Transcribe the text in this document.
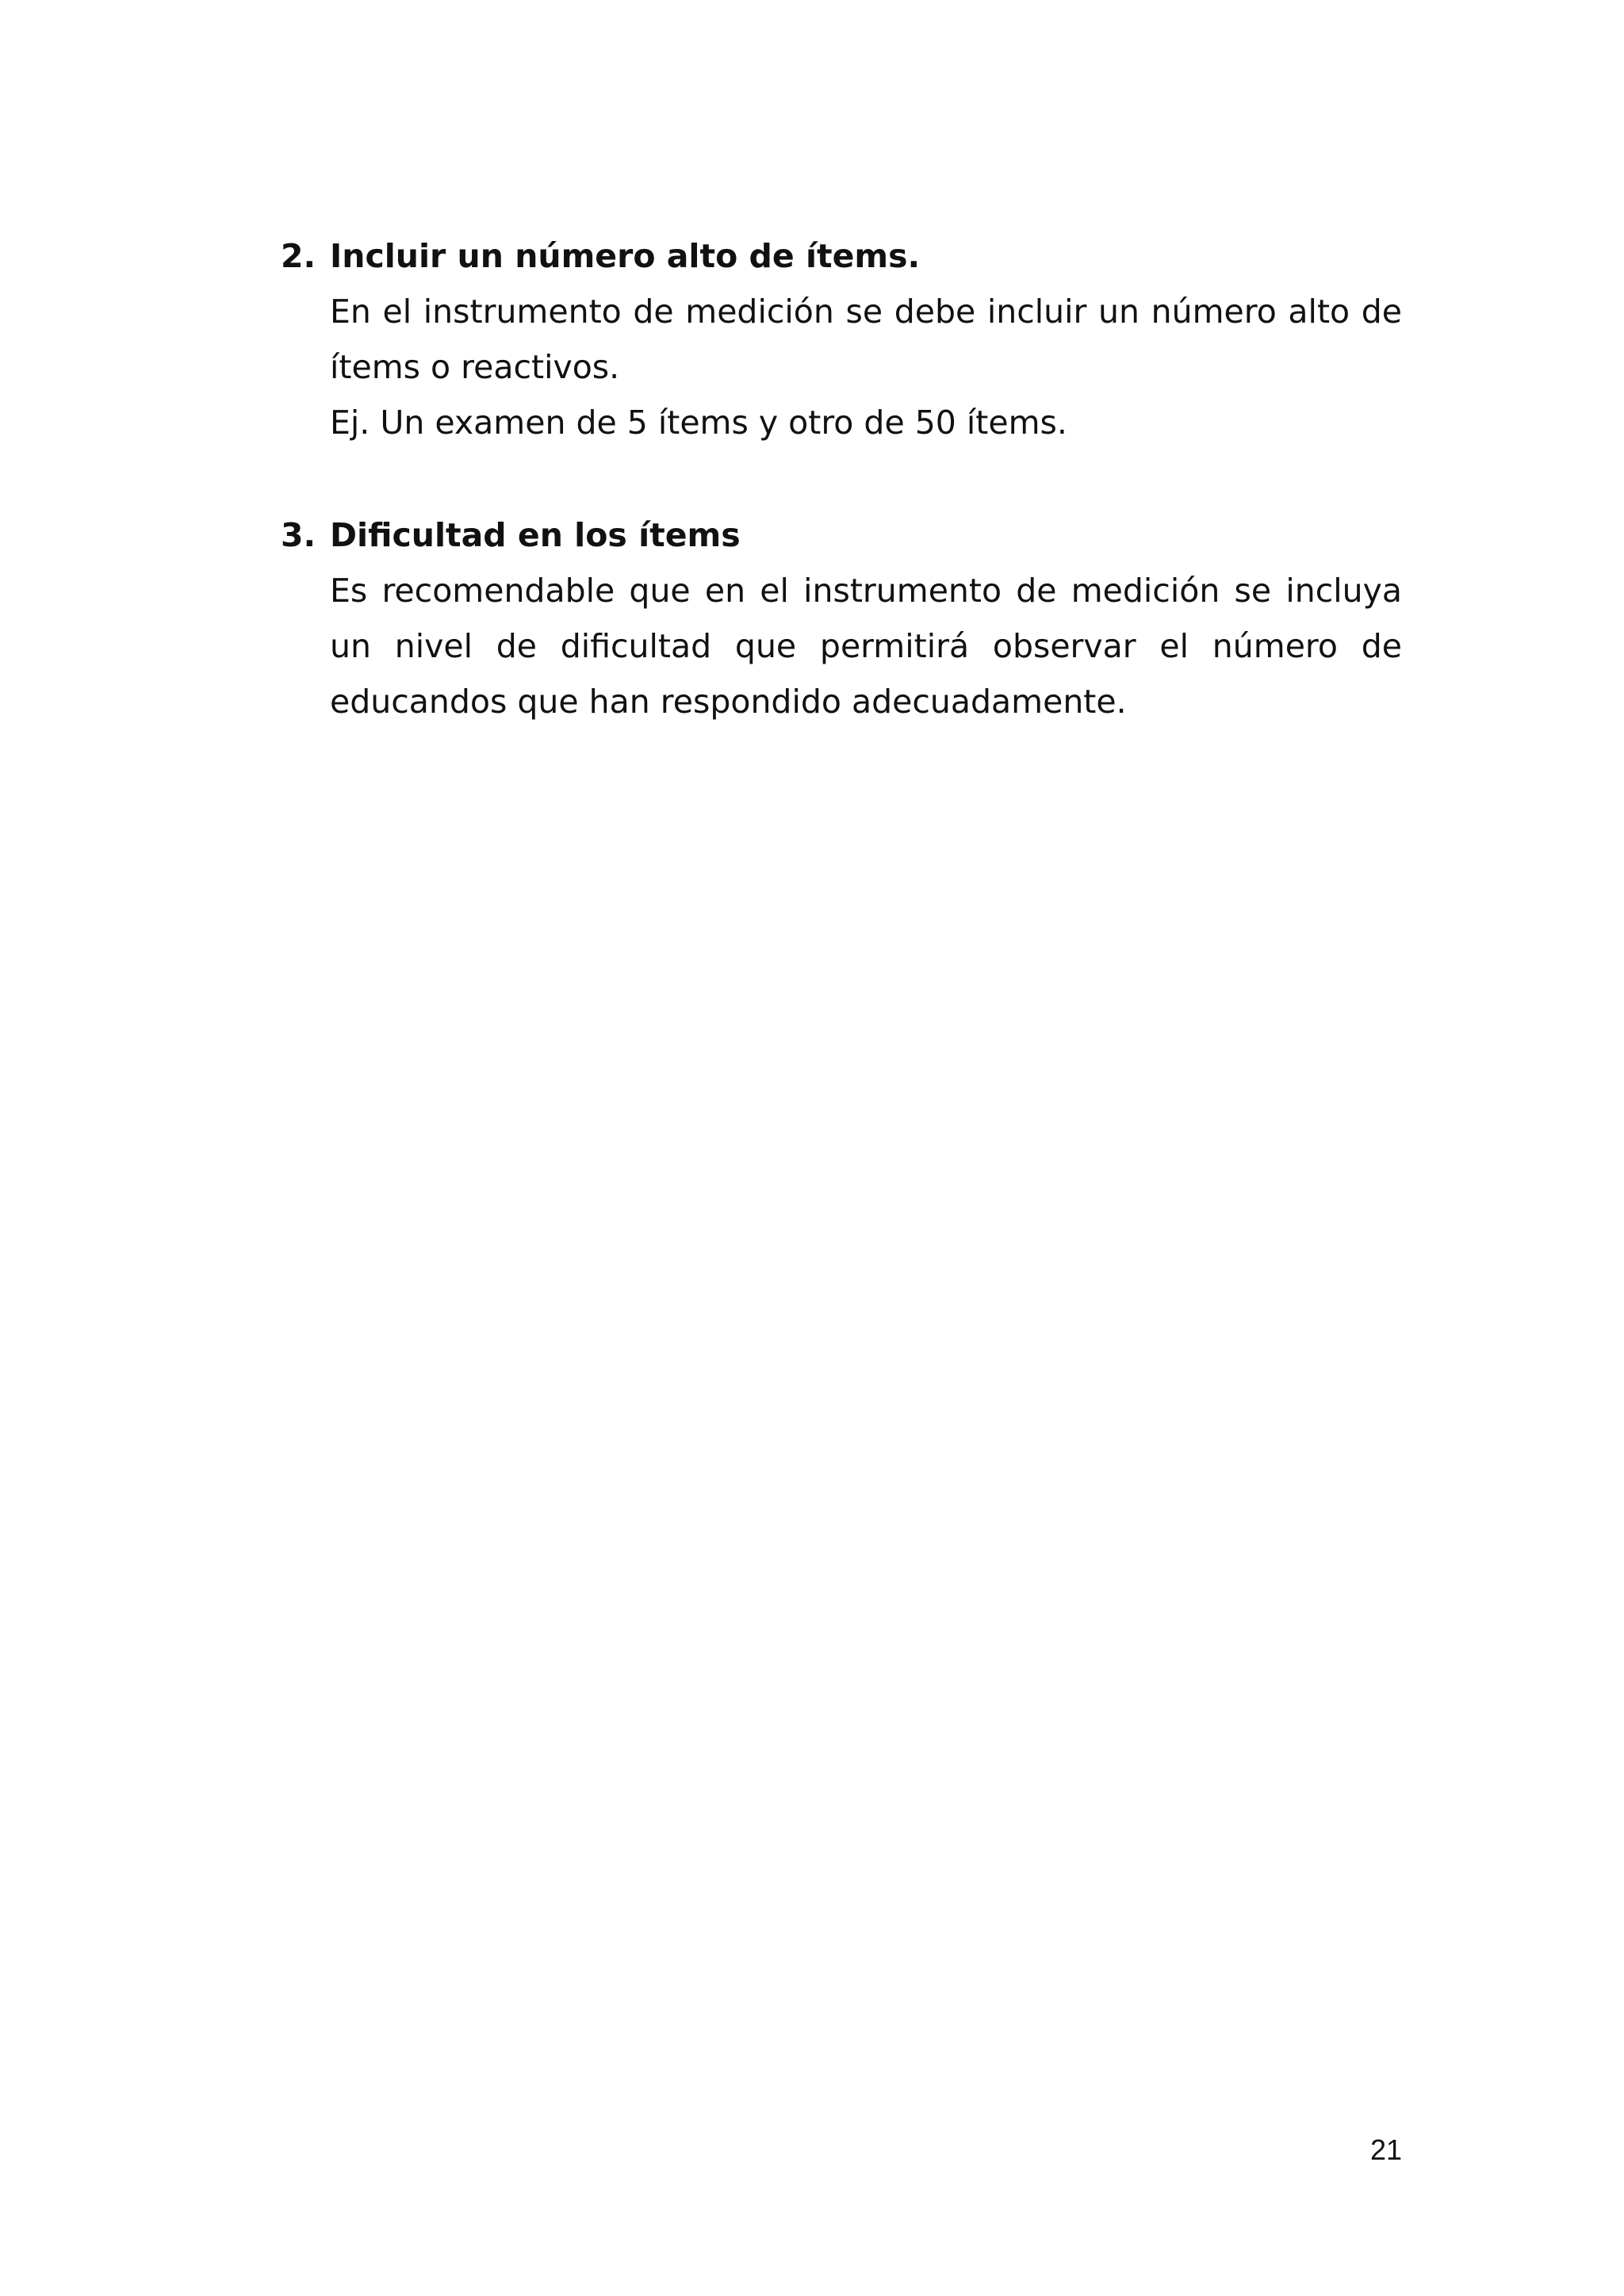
2. Incluir un número alto de ítems.

En el instrumento de medición se debe incluir un número alto de ítems o reactivos.

Ej. Un examen de 5 ítems y otro de 50 ítems.

3. Dificultad en los ítems

Es recomendable que en el instrumento de medición se incluya un nivel de dificultad que permitirá observar el número de educandos que han respondido adecuadamente.

21
